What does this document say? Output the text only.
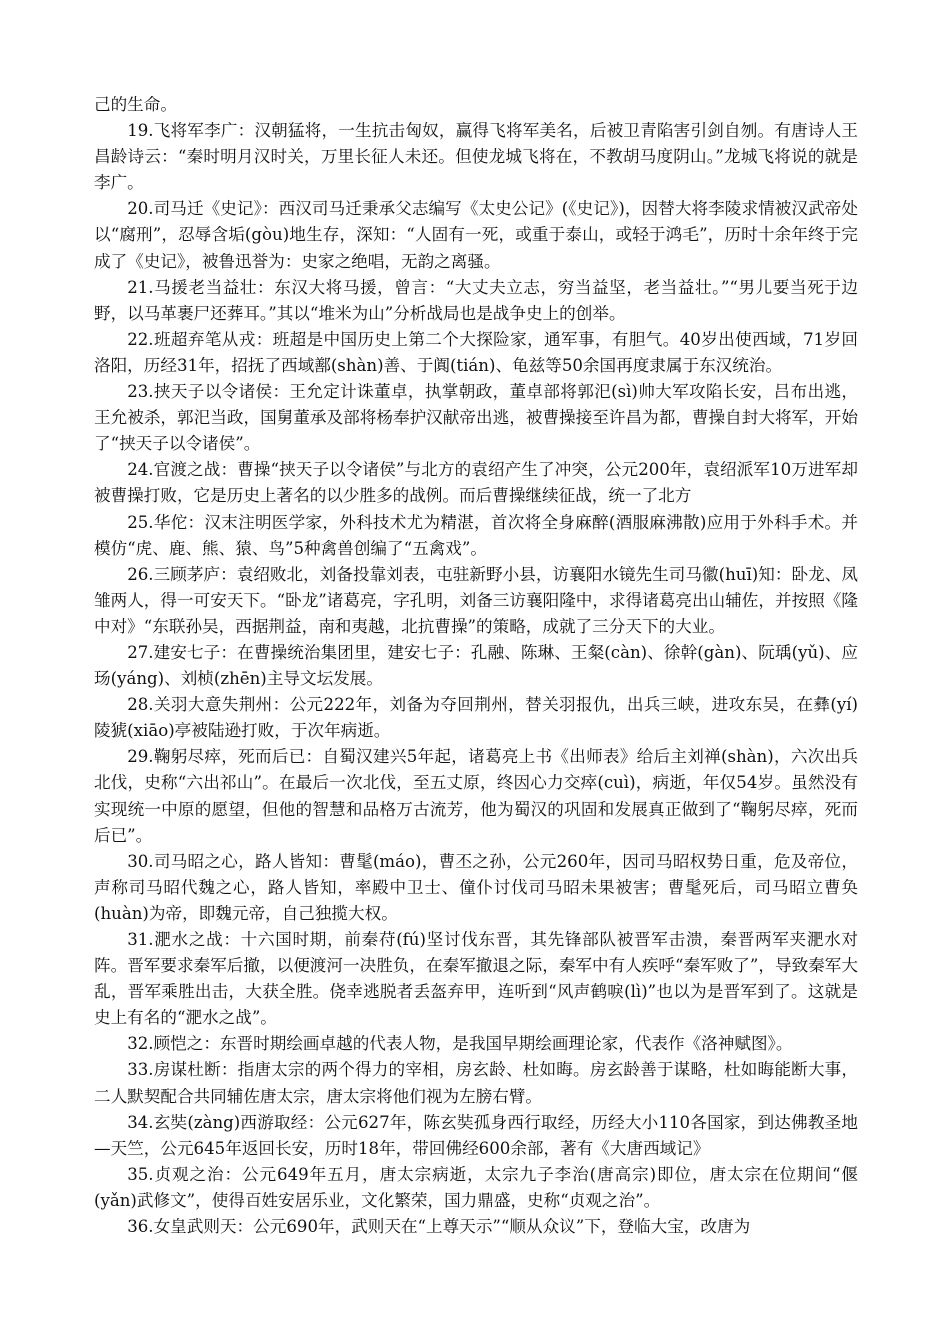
己的生命。

19.飞将军李广：汉朝猛将，一生抗击匈奴，赢得飞将军美名，后被卫青陷害引剑自刎。有唐诗人王昌龄诗云：“秦时明月汉时关，万里长征人未还。但使龙城飞将在，不教胡马度阴山。”龙城飞将说的就是李广。

20.司马迁《史记》：西汉司马迁秉承父志编写《太史公记》(《史记》)，因替大将李陵求情被汉武帝处以“腐刑”，忍辱含垢(gòu)地生存，深知：“人固有一死，或重于泰山，或轻于鸿毛”，历时十余年终于完成了《史记》，被鲁迅誉为：史家之绝唱，无韵之离骚。

21.马援老当益壮：东汉大将马援，曾言：“大丈夫立志，穷当益坚，老当益壮。”“男儿要当死于边野，以马革裹尸还葬耳。”其以“堆米为山”分析战局也是战争史上的创举。

22.班超弃笔从戎：班超是中国历史上第二个大探险家，通军事，有胆气。40岁出使西域，71岁回洛阳，历经31年，招抚了西域鄯(shàn)善、于阗(tián)、龟兹等50余国再度隶属于东汉统治。

23.挟天子以令诸侯：王允定计诛董卓，执掌朝政，董卓部将郭汜(sì)帅大军攻陷长安，吕布出逃，王允被杀，郭汜当政，国舅董承及部将杨奉护汉献帝出逃，被曹操接至许昌为都，曹操自封大将军，开始了“挟天子以令诸侯”。

24.官渡之战：曹操“挟天子以令诸侯”与北方的袁绍产生了冲突，公元200年，袁绍派军10万进军却被曹操打败，它是历史上著名的以少胜多的战例。而后曹操继续征战，统一了北方

25.华佗：汉末注明医学家，外科技术尤为精湛，首次将全身麻醉(酒服麻沸散)应用于外科手术。并模仿“虎、鹿、熊、猿、鸟”5种禽兽创编了“五禽戏”。

26.三顾茅庐：袁绍败北，刘备投靠刘表，屯驻新野小县，访襄阳水镜先生司马徽(huī)知：卧龙、凤雏两人，得一可安天下。“卧龙”诸葛亮，字孔明，刘备三访襄阳隆中，求得诸葛亮出山辅佐，并按照《隆中对》“东联孙吴，西据荆益，南和夷越，北抗曹操”的策略，成就了三分天下的大业。

27.建安七子：在曹操统治集团里，建安七子：孔融、陈琳、王粲(càn)、徐幹(gàn)、阮瑀(yǔ)、应玚(yáng)、刘桢(zhēn)主导文坛发展。

28.关羽大意失荆州：公元222年，刘备为夺回荆州，替关羽报仇，出兵三峡，进攻东吴，在彝(yí)陵猇(xiāo)亭被陆逊打败，于次年病逝。

29.鞠躬尽瘁，死而后已：自蜀汉建兴5年起，诸葛亮上书《出师表》给后主刘禅(shàn)，六次出兵北伐，史称“六出祁山”。在最后一次北伐，至五丈原，终因心力交瘁(cuì)，病逝，年仅54岁。虽然没有实现统一中原的愿望，但他的智慧和品格万古流芳，他为蜀汉的巩固和发展真正做到了“鞠躬尽瘁，死而后已”。

30.司马昭之心，路人皆知：曹髦(máo)，曹丕之孙，公元260年，因司马昭权势日重，危及帝位，声称司马昭代魏之心，路人皆知，率殿中卫士、僮仆讨伐司马昭未果被害；曹髦死后，司马昭立曹奂(huàn)为帝，即魏元帝，自己独揽大权。

31.淝水之战：十六国时期，前秦苻(fú)坚讨伐东晋，其先锋部队被晋军击溃，秦晋两军夹淝水对阵。晋军要求秦军后撤，以便渡河一决胜负，在秦军撤退之际，秦军中有人疾呼“秦军败了”，导致秦军大乱，晋军乘胜出击，大获全胜。侥幸逃脱者丢盔弃甲，连听到“风声鹤唳(lì)”也以为是晋军到了。这就是史上有名的“淝水之战”。

32.顾恺之：东晋时期绘画卓越的代表人物，是我国早期绘画理论家，代表作《洛神赋图》。

33.房谋杜断：指唐太宗的两个得力的宰相，房玄龄、杜如晦。房玄龄善于谋略，杜如晦能断大事，二人默契配合共同辅佐唐太宗，唐太宗将他们视为左膀右臂。

34.玄奘(zàng)西游取经：公元627年，陈玄奘孤身西行取经，历经大小110各国家，到达佛教圣地—天竺，公元645年返回长安，历时18年，带回佛经600余部，著有《大唐西域记》

35.贞观之治：公元649年五月，唐太宗病逝，太宗九子李治(唐高宗)即位，唐太宗在位期间“偃(yǎn)武修文”，使得百姓安居乐业，文化繁荣，国力鼎盛，史称“贞观之治”。

36.女皇武则天：公元690年，武则天在“上尊天示”“顺从众议”下，登临大宝，改唐为
